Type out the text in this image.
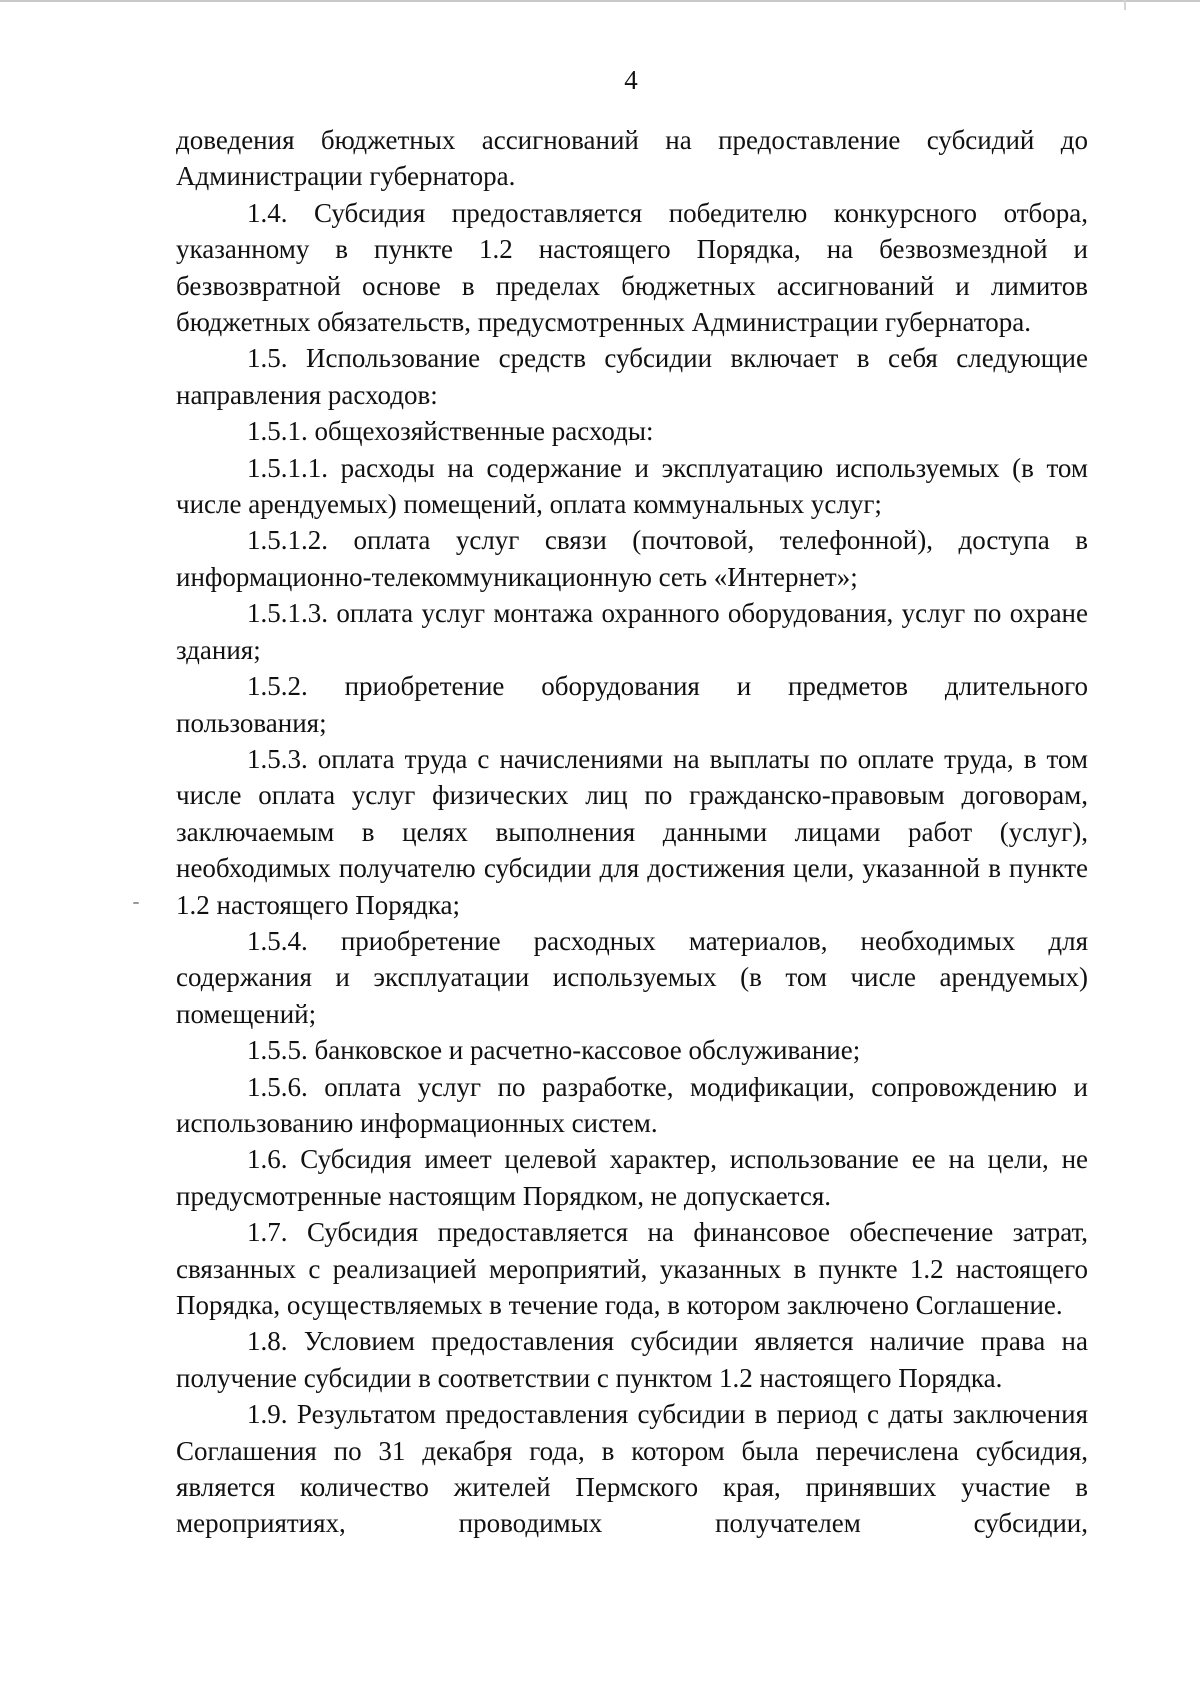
4

доведения бюджетных ассигнований на предоставление субсидий до Администрации губернатора.

1.4. Субсидия предоставляется победителю конкурсного отбора, указанному в пункте 1.2 настоящего Порядка, на безвозмездной и безвозвратной основе в пределах бюджетных ассигнований и лимитов бюджетных обязательств, предусмотренных Администрации губернатора.

1.5. Использование средств субсидии включает в себя следующие направления расходов:

1.5.1. общехозяйственные расходы:

1.5.1.1. расходы на содержание и эксплуатацию используемых (в том числе арендуемых) помещений, оплата коммунальных услуг;

1.5.1.2. оплата услуг связи (почтовой, телефонной), доступа в информационно-телекоммуникационную сеть «Интернет»;

1.5.1.3. оплата услуг монтажа охранного оборудования, услуг по охране здания;

1.5.2. приобретение оборудования и предметов длительного пользования;

1.5.3. оплата труда с начислениями на выплаты по оплате труда, в том числе оплата услуг физических лиц по гражданско-правовым договорам, заключаемым в целях выполнения данными лицами работ (услуг), необходимых получателю субсидии для достижения цели, указанной в пункте 1.2 настоящего Порядка;

1.5.4. приобретение расходных материалов, необходимых для содержания и эксплуатации используемых (в том числе арендуемых) помещений;

1.5.5. банковское и расчетно-кассовое обслуживание;

1.5.6. оплата услуг по разработке, модификации, сопровождению и использованию информационных систем.

1.6. Субсидия имеет целевой характер, использование ее на цели, не предусмотренные настоящим Порядком, не допускается.

1.7. Субсидия предоставляется на финансовое обеспечение затрат, связанных с реализацией мероприятий, указанных в пункте 1.2 настоящего Порядка, осуществляемых в течение года, в котором заключено Соглашение.

1.8. Условием предоставления субсидии является наличие права на получение субсидии в соответствии с пунктом 1.2 настоящего Порядка.

1.9. Результатом предоставления субсидии в период с даты заключения Соглашения по 31 декабря года, в котором была перечислена субсидия, является количество жителей Пермского края, принявших участие в мероприятиях, проводимых получателем субсидии,
